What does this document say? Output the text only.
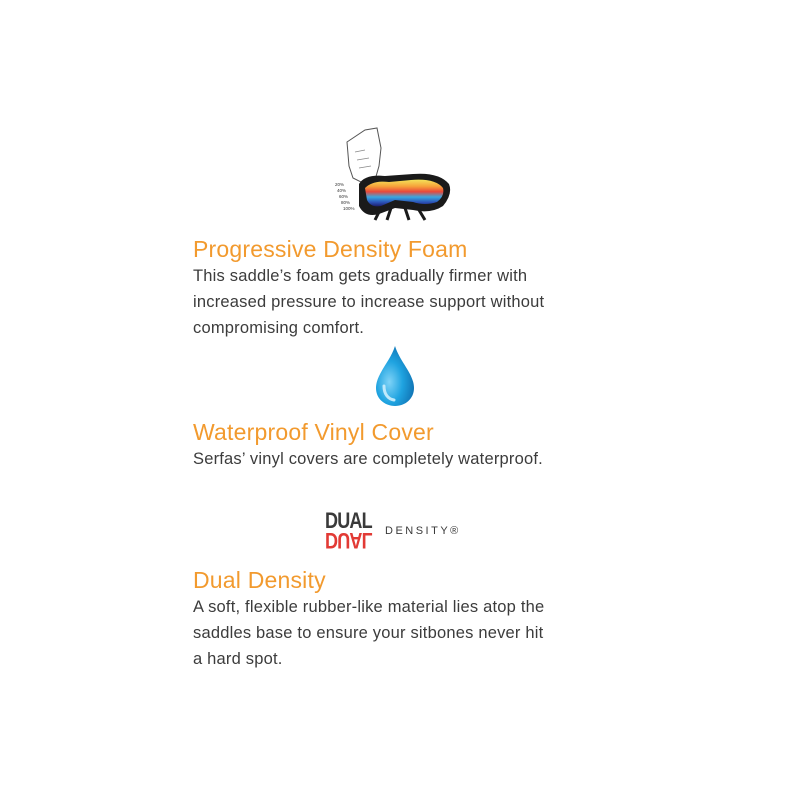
20%
40%
60%
80%
100%
Progressive Density Foam

This saddle’s foam gets gradually firmer with

increased pressure to increase support without

compromising comfort.

Waterproof Vinyl Cover

Serfas’ vinyl covers are completely waterproof.

DUAL
DUAL DENSITY®
Dual Density

A soft, flexible rubber-like material lies atop the

saddles base to ensure your sitbones never hit

a hard spot.
